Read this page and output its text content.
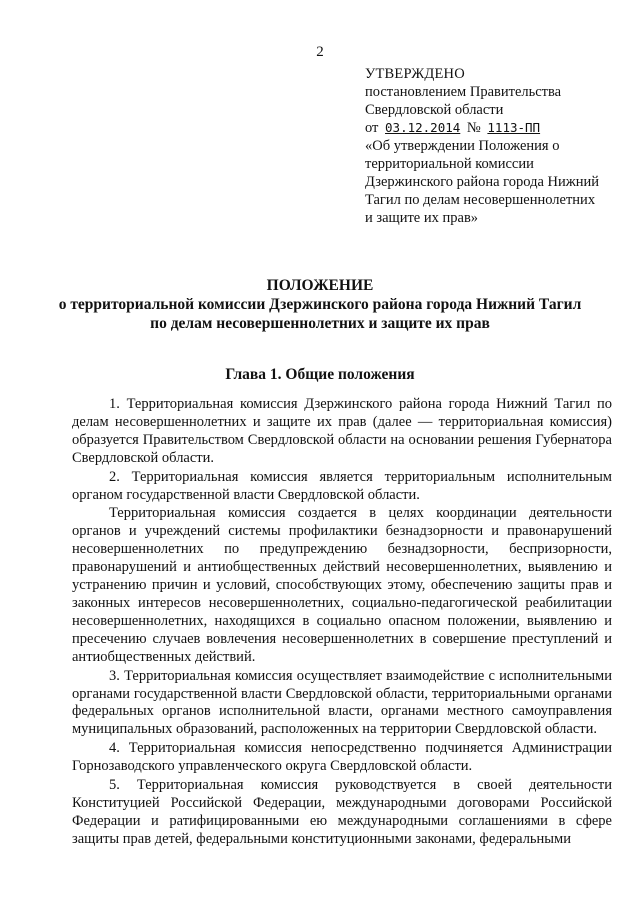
2
УТВЕРЖДЕНО
постановлением Правительства
Свердловской области
от 03.12.2014 № 1113-ПП
«Об утверждении Положения о территориальной комиссии Дзержинского района города Нижний Тагил по делам несовершеннолетних и защите их прав»
ПОЛОЖЕНИЕ
о территориальной комиссии Дзержинского района города Нижний Тагил
по делам несовершеннолетних и защите их прав
Глава 1. Общие положения

1. Территориальная комиссия Дзержинского района города Нижний Тагил по делам несовершеннолетних и защите их прав (далее — территориальная комиссия) образуется Правительством Свердловской области на основании решения Губернатора Свердловской области.

2. Территориальная комиссия является территориальным исполнительным органом государственной власти Свердловской области.

Территориальная комиссия создается в целях координации деятельности органов и учреждений системы профилактики безнадзорности и правонарушений несовершеннолетних по предупреждению безнадзорности, беспризорности, правонарушений и антиобщественных действий несовершеннолетних, выявлению и устранению причин и условий, способствующих этому, обеспечению защиты прав и законных интересов несовершеннолетних, социально-педагогической реабилитации несовершеннолетних, находящихся в социально опасном положении, выявлению и пресечению случаев вовлечения несовершеннолетних в совершение преступлений и антиобщественных действий.

3. Территориальная комиссия осуществляет взаимодействие с исполнительными органами государственной власти Свердловской области, территориальными органами федеральных органов исполнительной власти, органами местного самоуправления муниципальных образований, расположенных на территории Свердловской области.

4. Территориальная комиссия непосредственно подчиняется Администрации Горнозаводского управленческого округа Свердловской области.

5. Территориальная комиссия руководствуется в своей деятельности Конституцией Российской Федерации, международными договорами Российской Федерации и ратифицированными ею международными соглашениями в сфере защиты прав детей, федеральными конституционными законами, федеральными
